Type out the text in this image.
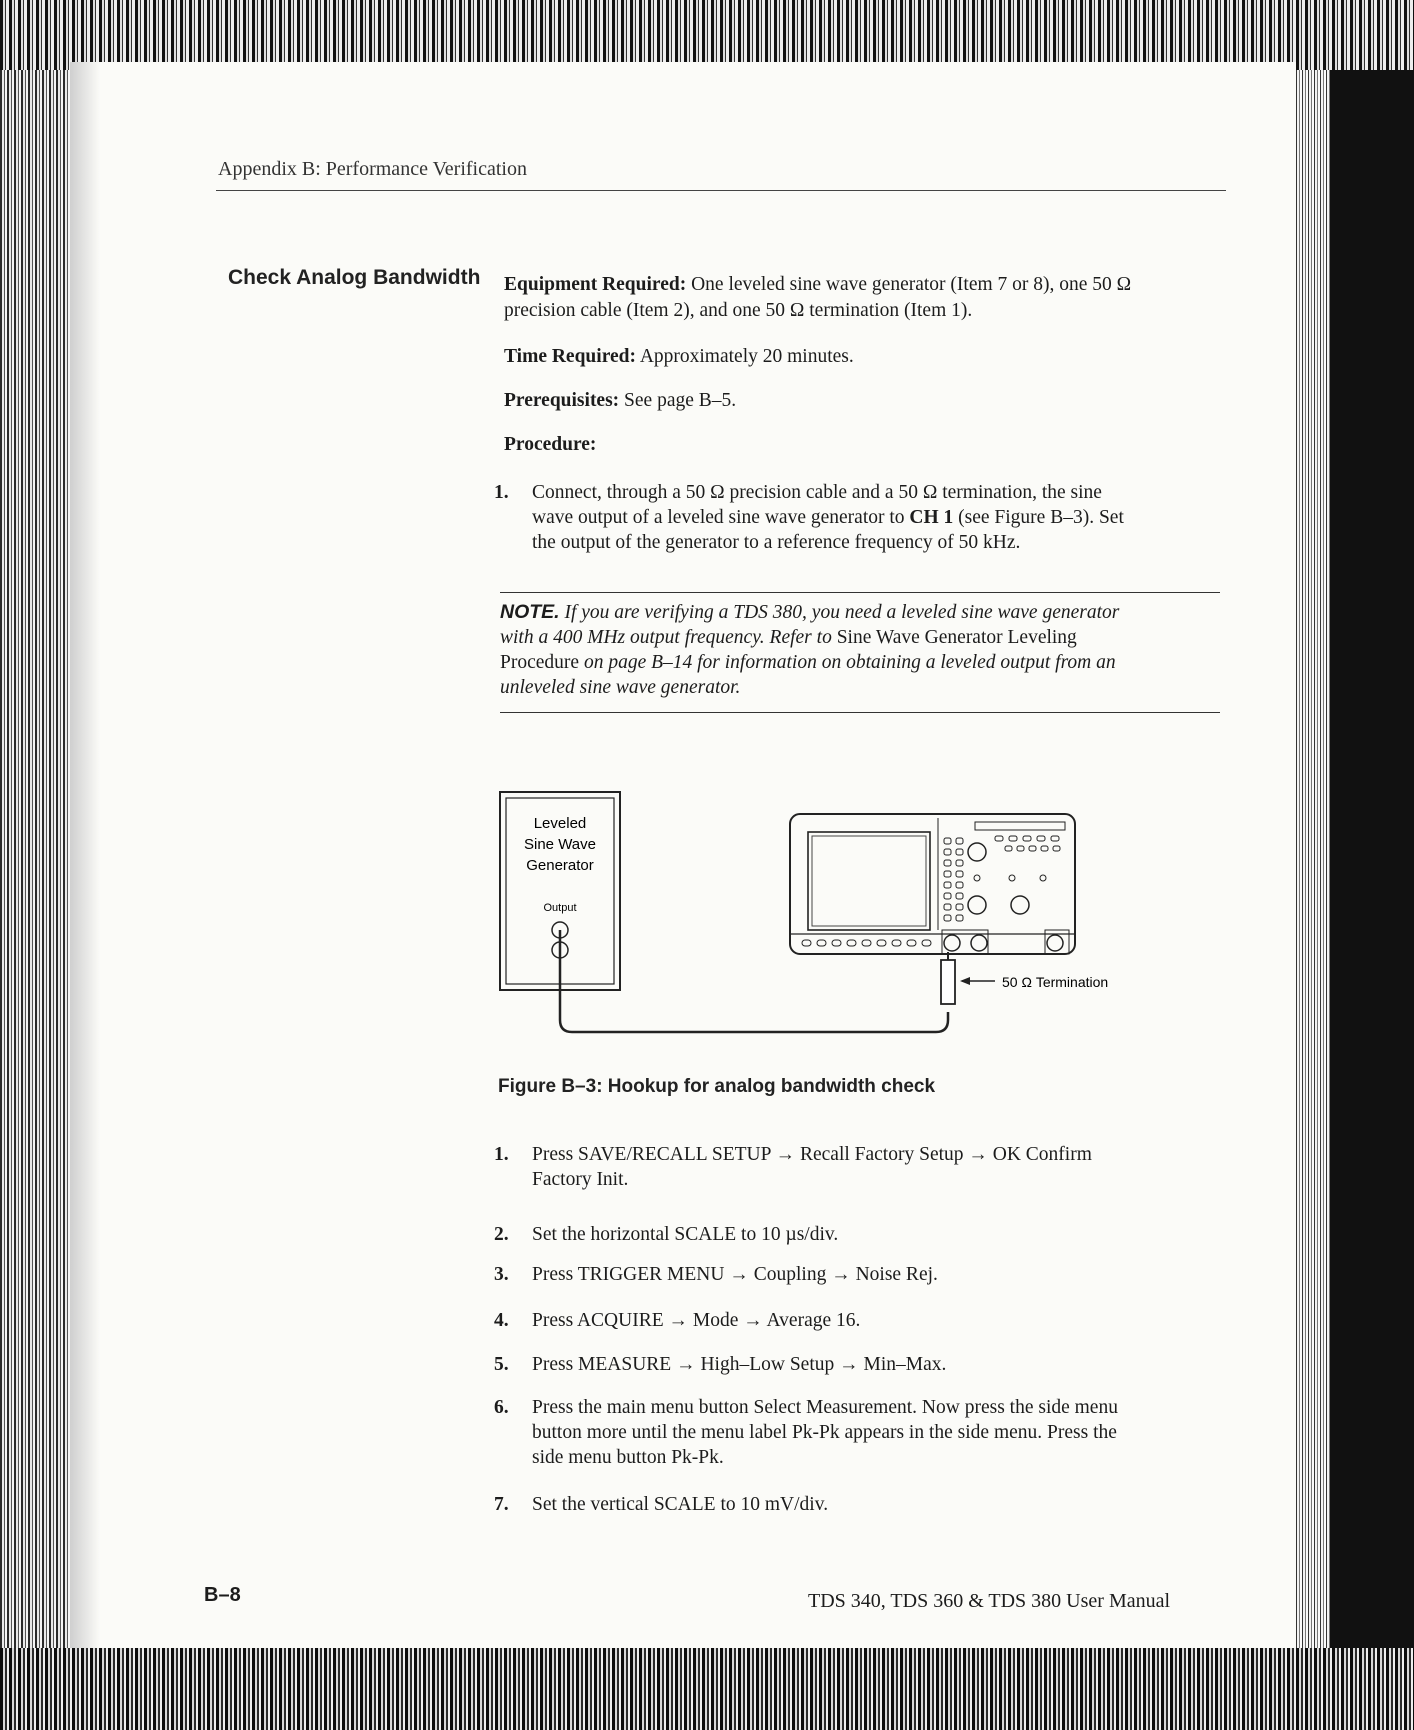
Appendix B: Performance Verification
Check Analog Bandwidth Equipment Required: One leveled sine wave generator (Item 7 or 8), one 50 Ω
precision cable (Item 2), and one 50 Ω termination (Item 1).
Time Required: Approximately 20 minutes.
Prerequisites: See page B–5.
Procedure:
1.	Connect, through a 50 Ω precision cable and a 50 Ω termination, the sine
wave output of a leveled sine wave generator to CH 1 (see Figure B–3). Set
the output of the generator to a reference frequency of 50 kHz.
NOTE. If you are verifying a TDS 380, you need a leveled sine wave generator
with a 400 MHz output frequency. Refer to Sine Wave Generator Leveling
Procedure on page B–14 for information on obtaining a leveled output from an
unleveled sine wave generator.
Leveled
Sine Wave
Generator
Output
50 Ω Termination
Figure B–3: Hookup for analog bandwidth check
1.	Press SAVE/RECALL SETUP → Recall Factory Setup → OK Confirm
Factory Init.

2.	Set the horizontal SCALE to 10 µs/div.

3.	Press TRIGGER MENU → Coupling → Noise Rej.

4.	Press ACQUIRE → Mode → Average 16.

5.	Press MEASURE → High–Low Setup → Min–Max.

6.	Press the main menu button Select Measurement. Now press the side menu
button more until the menu label Pk-Pk appears in the side menu. Press the
side menu button Pk-Pk.

7.	Set the vertical SCALE to 10 mV/div.

B–8	TDS 340, TDS 360 & TDS 380 User Manual
